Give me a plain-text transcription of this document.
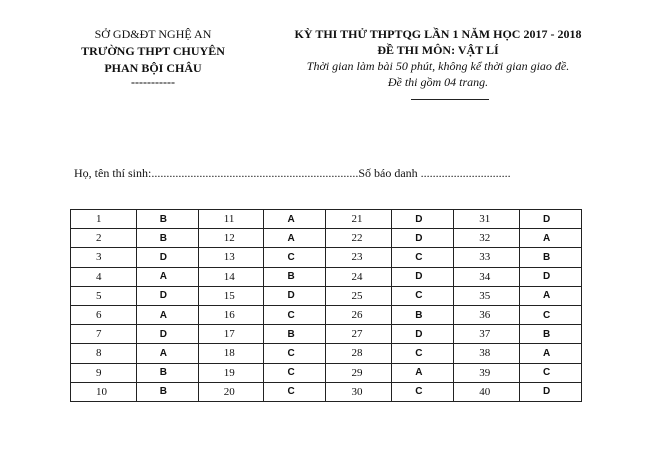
SỞ GD&ĐT NGHỆ AN
TRƯỜNG THPT CHUYÊN
PHAN BỘI CHÂU
-----------
KỲ THI THỬ THPTQG LẦN 1 NĂM HỌC 2017 - 2018
ĐỀ THI MÔN: VẬT LÍ
Thời gian làm bài 50 phút, không kể thời gian giao đề.
Đề thi gồm 04 trang.
Họ, tên thí sinh:.....................................................................Số báo danh ..............................
1	B	11	A	21	D	31	D
2	B	12	A	22	D	32	A
3	D	13	C	23	C	33	B
4	A	14	B	24	D	34	D
5	D	15	D	25	C	35	A
6	A	16	C	26	B	36	C
7	D	17	B	27	D	37	B
8	A	18	C	28	C	38	A
9	B	19	C	29	A	39	C
10	B	20	C	30	C	40	D
